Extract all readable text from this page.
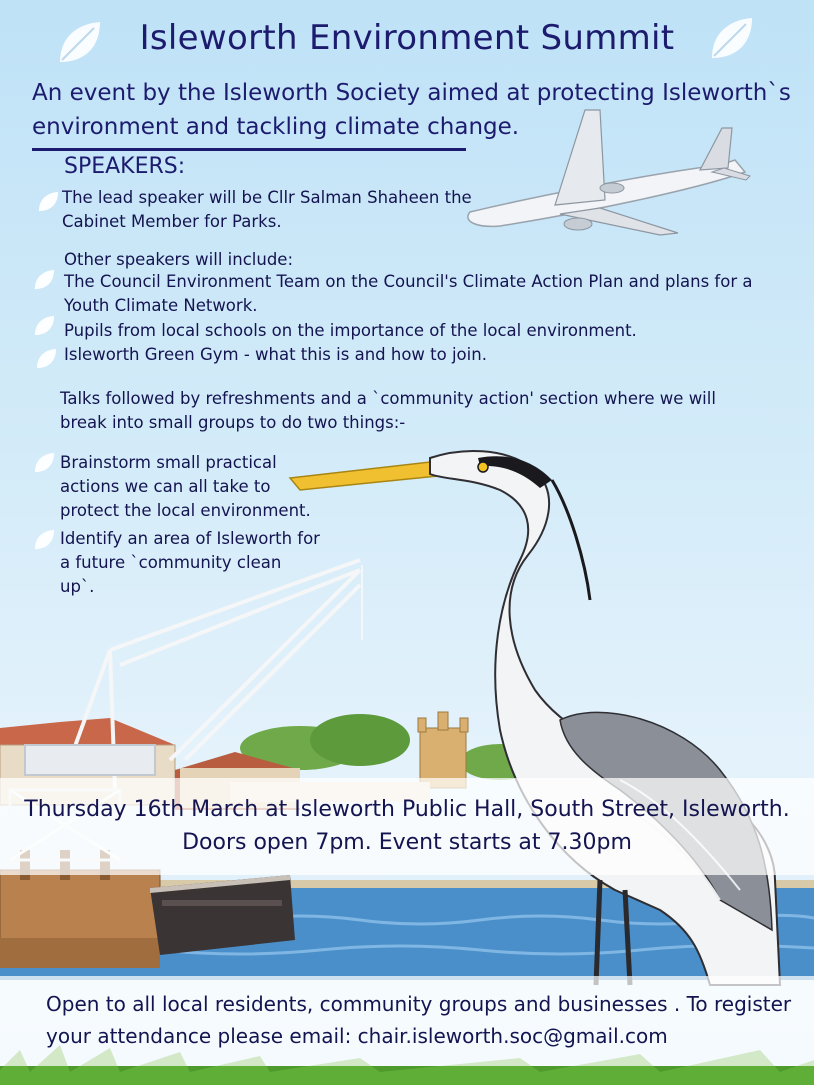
Isleworth Environment Summit
An event by the Isleworth Society aimed at protecting Isleworth`s environment and tackling climate change.
SPEAKERS:
The lead speaker will be Cllr Salman Shaheen the Cabinet Member for Parks.
Other speakers will include:
The Council Environment Team on the Council's Climate Action Plan and plans for a Youth Climate Network.
Pupils from local schools on the importance of the local environment.
Isleworth Green Gym - what this is and how to join.
Talks followed by refreshments and a `community action' section where we will break into small groups to do two things:-
Brainstorm small practical actions we can all take to protect the local environment.
Identify an area of Isleworth for a future `community clean up`.
Thursday 16th March at Isleworth Public Hall, South Street, Isleworth.
Doors open 7pm. Event starts at 7.30pm
Open to all local residents, community groups and businesses . To register your attendance please email: chair.isleworth.soc@gmail.com
